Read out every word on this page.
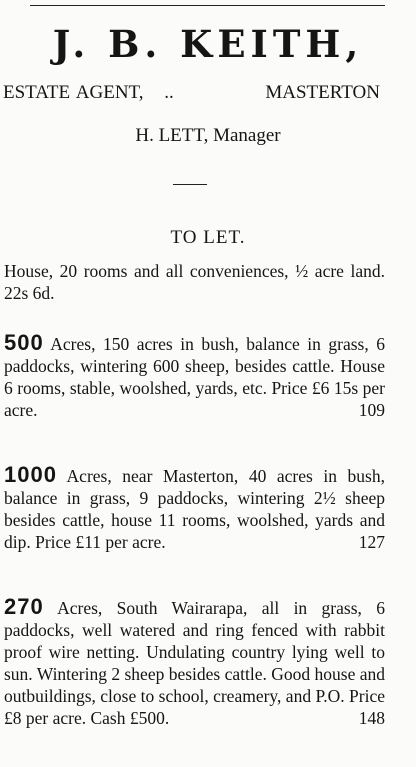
J. B. KEITH,
ESTATE AGENT, ..	MASTERTON
H. LETT, Manager
TO LET.
House, 20 rooms and all conveniences, ½ acre land. 22s 6d.
500 Acres, 150 acres in bush, balance in grass, 6 paddocks, wintering 600 sheep, besides cattle. House 6 rooms, stable, woolshed, yards, etc. Price £6 15s per acre.	109
1000 Acres, near Masterton, 40 acres in bush, balance in grass, 9 paddocks, wintering 2½ sheep besides cattle, house 11 rooms, woolshed, yards and dip. Price £11 per acre.	127
270 Acres, South Wairarapa, all in grass, 6 paddocks, well watered and ring fenced with rabbit proof wire netting. Undulating country lying well to sun. Wintering 2 sheep besides cattle. Good house and outbuildings, close to school, creamery, and P.O. Price £8 per acre. Cash £500.	148
